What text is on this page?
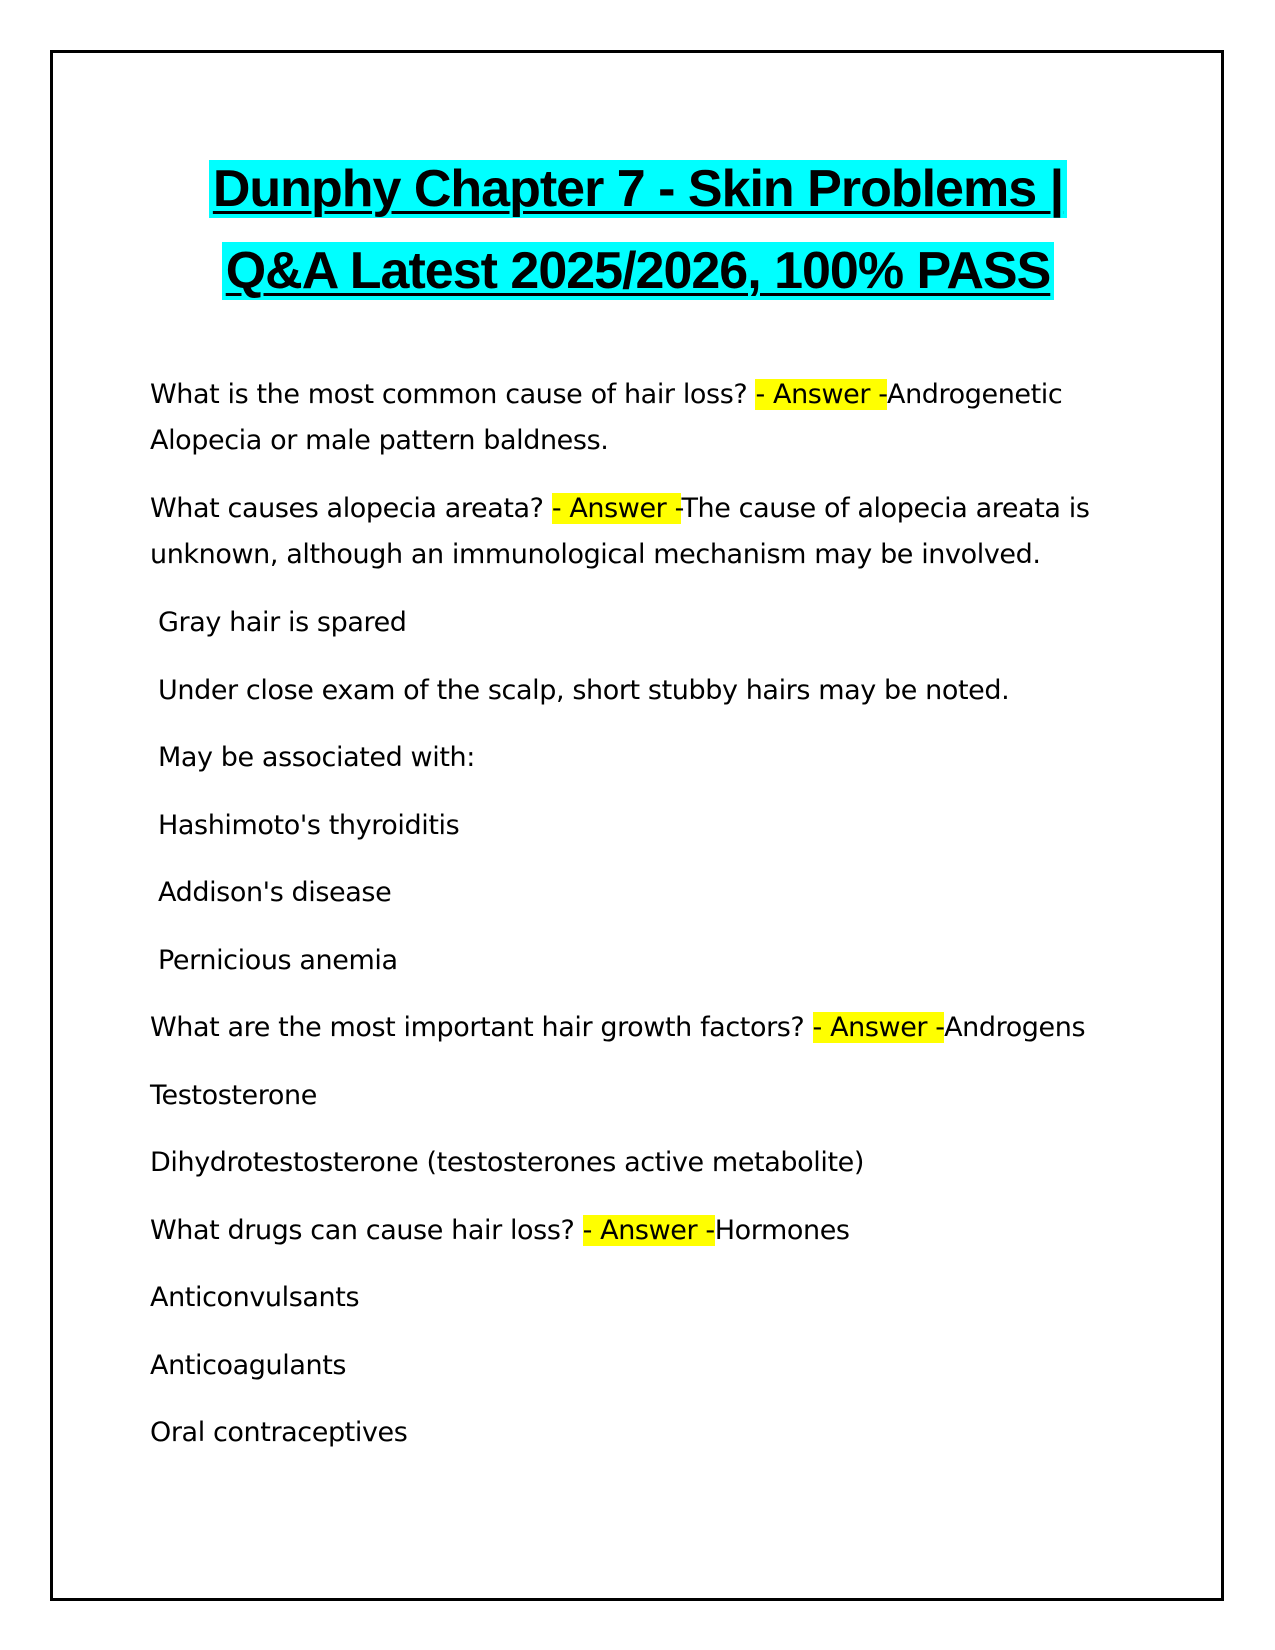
Dunphy Chapter 7 - Skin Problems |
Q&A Latest 2025/2026, 100% PASS

What is the most common cause of hair loss? - Answer -Androgenetic Alopecia or male pattern baldness.

What causes alopecia areata? - Answer -The cause of alopecia areata is unknown, although an immunological mechanism may be involved.

Gray hair is spared

Under close exam of the scalp, short stubby hairs may be noted.

May be associated with:

Hashimoto's thyroiditis

Addison's disease

Pernicious anemia

What are the most important hair growth factors? - Answer -Androgens

Testosterone

Dihydrotestosterone (testosterones active metabolite)

What drugs can cause hair loss? - Answer -Hormones

Anticonvulsants

Anticoagulants

Oral contraceptives
